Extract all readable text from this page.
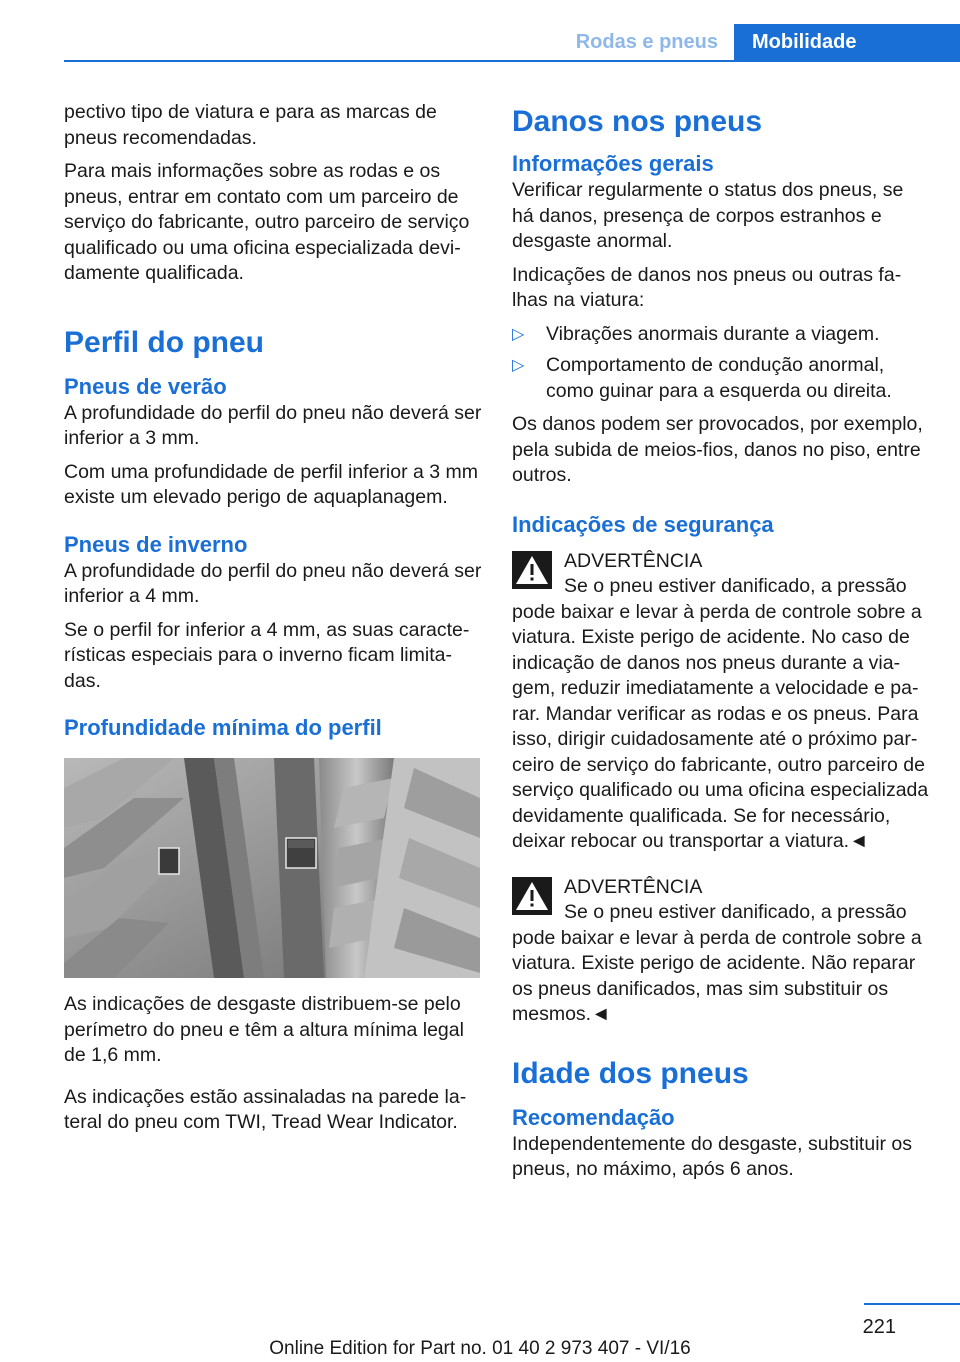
Rodas e pneus	Mobilidade

pectivo tipo de viatura e para as marcas de pneus recomendadas.

Para mais informações sobre as rodas e os pneus, entrar em contato com um parceiro de serviço do fabricante, outro parceiro de serviço qualificado ou uma oficina especializada devidamente qualificada.

Perfil do pneu
Pneus de verão

A profundidade do perfil do pneu não deverá ser inferior a 3 mm.

Com uma profundidade de perfil inferior a 3 mm existe um elevado perigo de aquaplanagem.

Pneus de inverno

A profundidade do perfil do pneu não deverá ser inferior a 4 mm.

Se o perfil for inferior a 4 mm, as suas características especiais para o inverno ficam limitadas.

Profundidade mínima do perfil

As indicações de desgaste distribuem-se pelo perímetro do pneu e têm a altura mínima legal de 1,6 mm.

As indicações estão assinaladas na parede lateral do pneu com TWI, Tread Wear Indicator.

Danos nos pneus
Informações gerais

Verificar regularmente o status dos pneus, se há danos, presença de corpos estranhos e desgaste anormal.

Indicações de danos nos pneus ou outras falhas na viatura:

▷ Vibrações anormais durante a viagem.
▷ Comportamento de condução anormal, como guinar para a esquerda ou direita.

Os danos podem ser provocados, por exemplo, pela subida de meios-fios, danos no piso, entre outros.

Indicações de segurança
ADVERTÊNCIA
Se o pneu estiver danificado, a pressão
pode baixar e levar à perda de controle sobre a viatura. Existe perigo de acidente. No caso de indicação de danos nos pneus durante a viagem, reduzir imediatamente a velocidade e parar. Mandar verificar as rodas e os pneus. Para isso, dirigir cuidadosamente até o próximo parceiro de serviço do fabricante, outro parceiro de serviço qualificado ou uma oficina especializada devidamente qualificada. Se for necessário, deixar rebocar ou transportar a viatura.◄
ADVERTÊNCIA
Se o pneu estiver danificado, a pressão
pode baixar e levar à perda de controle sobre a viatura. Existe perigo de acidente. Não reparar os pneus danificados, mas sim substituir os mesmos.◄
Idade dos pneus
Recomendação

Independentemente do desgaste, substituir os pneus, no máximo, após 6 anos.

221
Online Edition for Part no. 01 40 2 973 407 - VI/16
